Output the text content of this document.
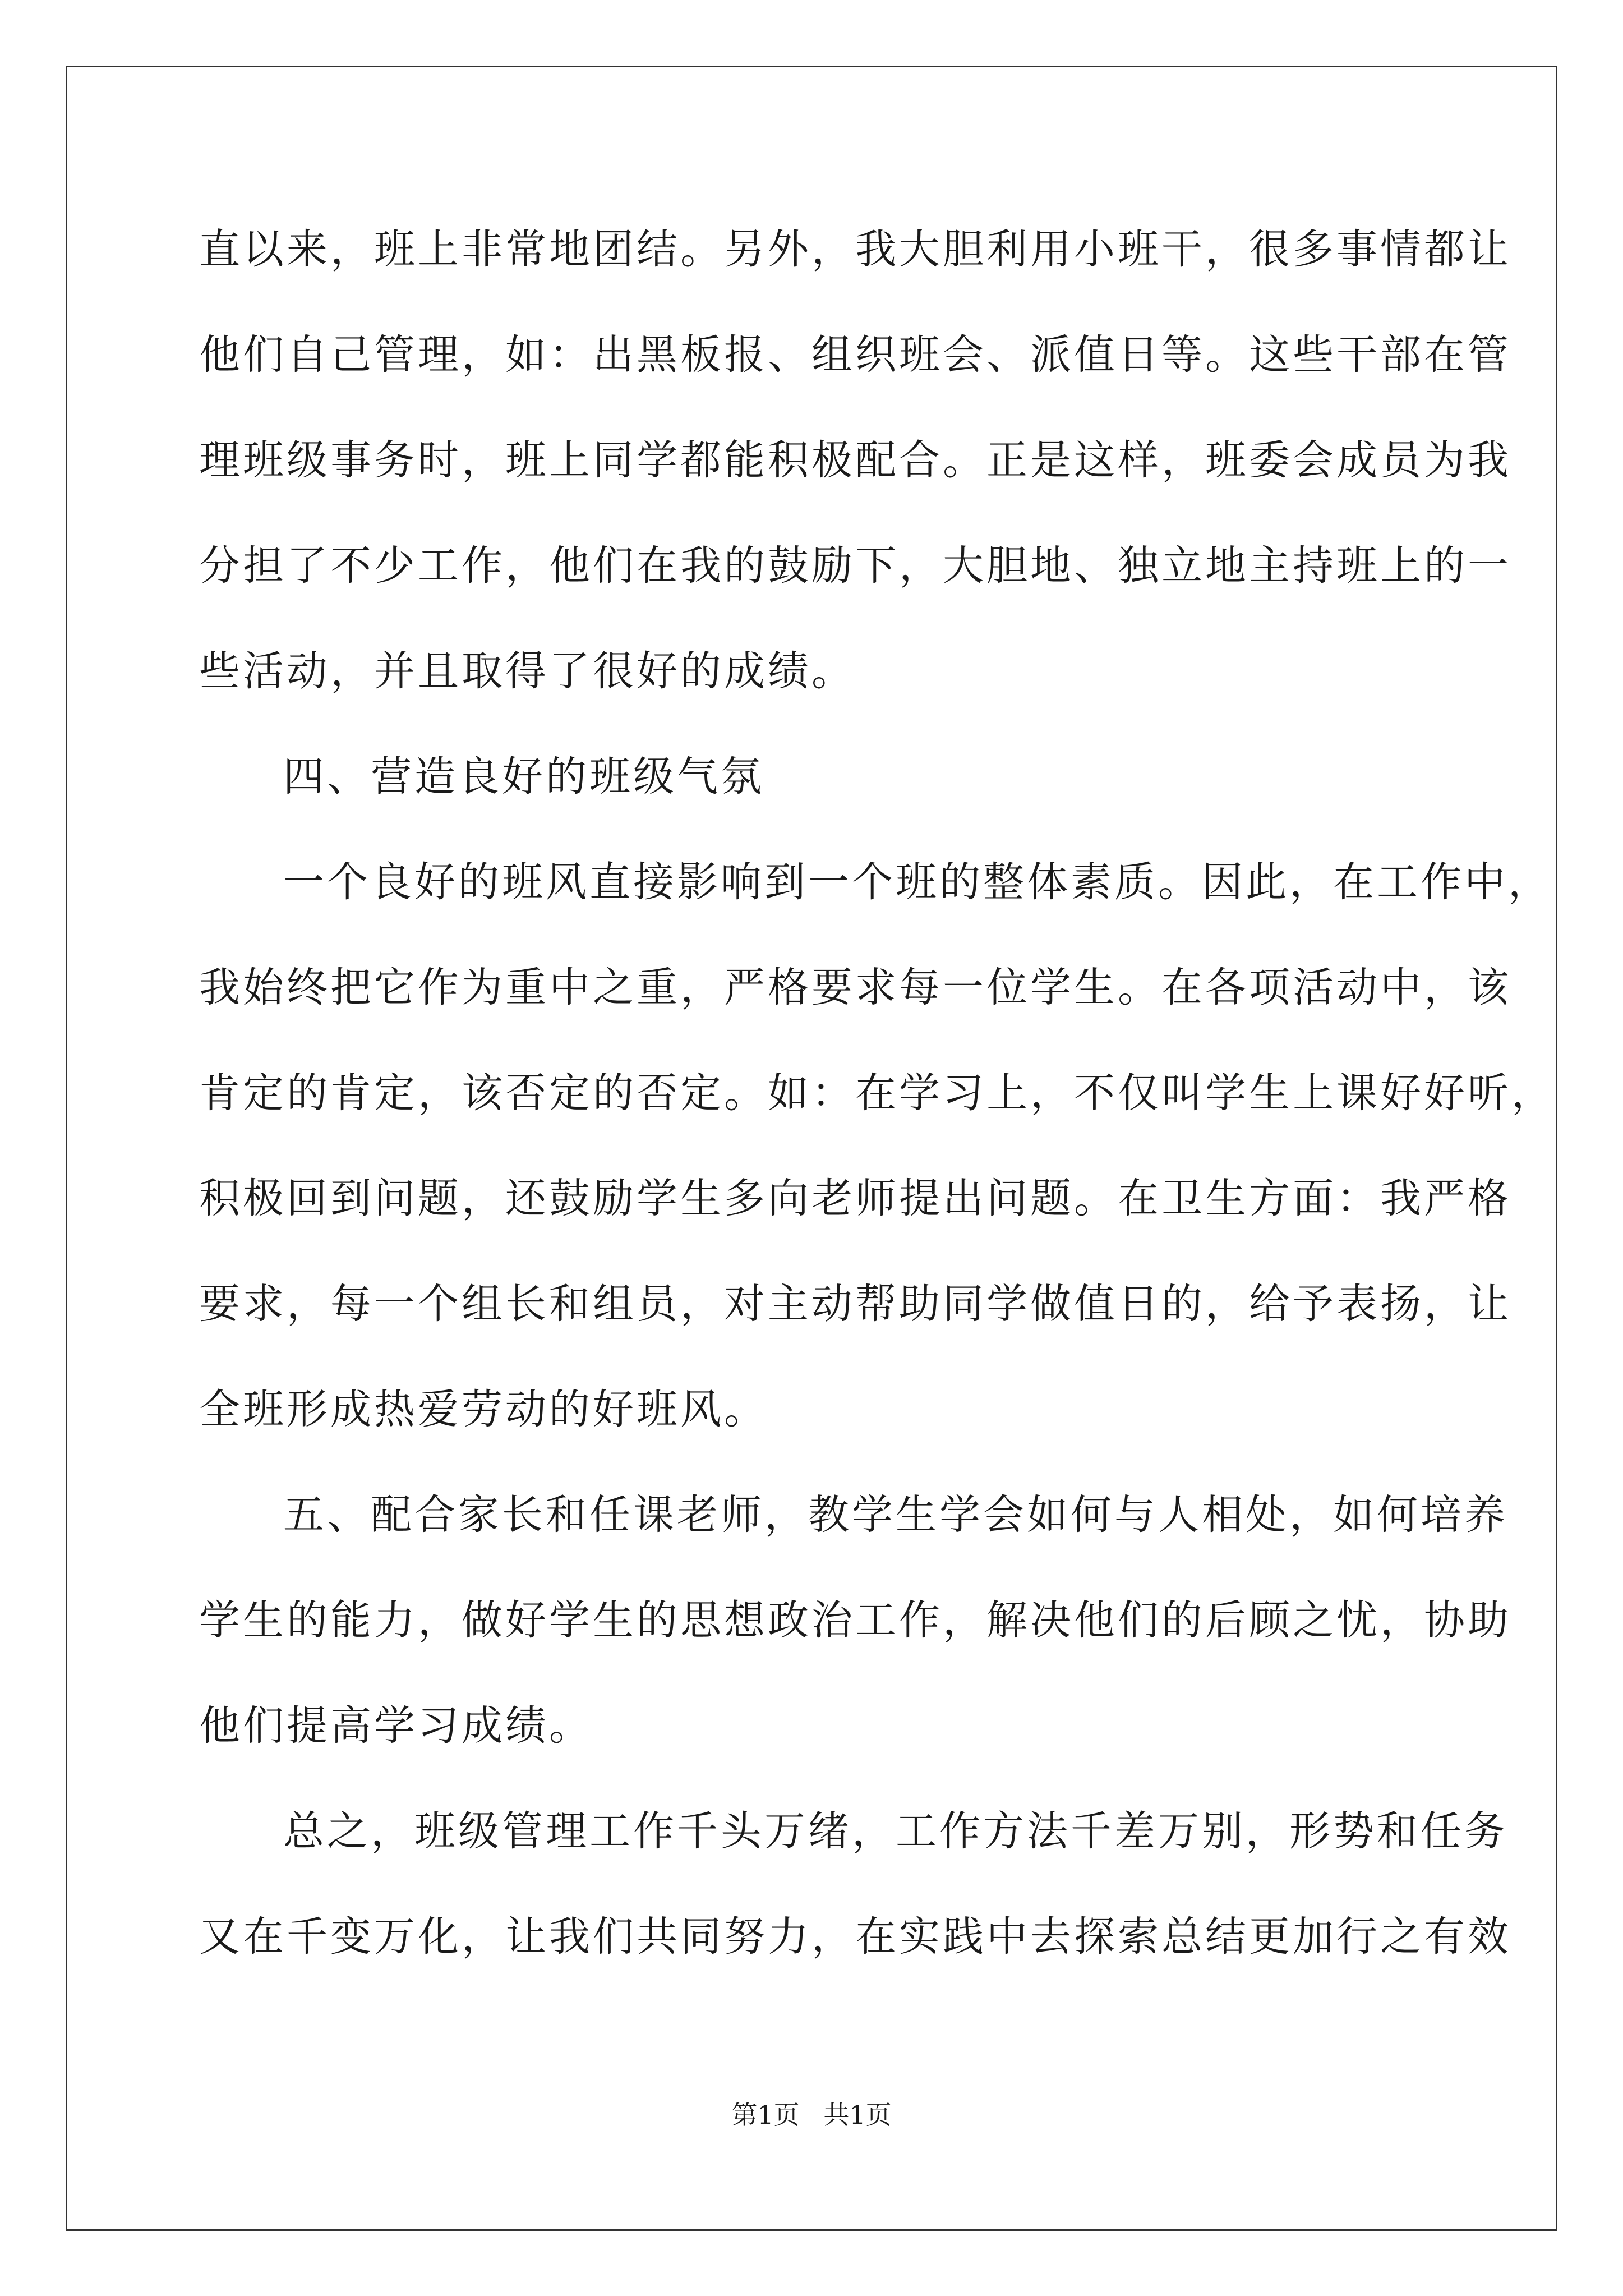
直以来，班上非常地团结。另外，我大胆利用小班干，很多事情都让
他们自己管理，如：出黑板报、组织班会、派值日等。这些干部在管
理班级事务时，班上同学都能积极配合。正是这样，班委会成员为我
分担了不少工作，他们在我的鼓励下，大胆地、独立地主持班上的一
些活动，并且取得了很好的成绩。
四、营造良好的班级气氛
一个良好的班风直接影响到一个班的整体素质。因此，在工作中，
我始终把它作为重中之重，严格要求每一位学生。在各项活动中，该
肯定的肯定，该否定的否定。如：在学习上，不仅叫学生上课好好听，
积极回到问题，还鼓励学生多向老师提出问题。在卫生方面：我严格
要求，每一个组长和组员，对主动帮助同学做值日的，给予表扬，让
全班形成热爱劳动的好班风。
五、配合家长和任课老师，教学生学会如何与人相处，如何培养
学生的能力，做好学生的思想政治工作，解决他们的后顾之忧，协助
他们提高学习成绩。
总之，班级管理工作千头万绪，工作方法千差万别，形势和任务
又在千变万化，让我们共同努力，在实践中去探索总结更加行之有效
第1页 共1页
